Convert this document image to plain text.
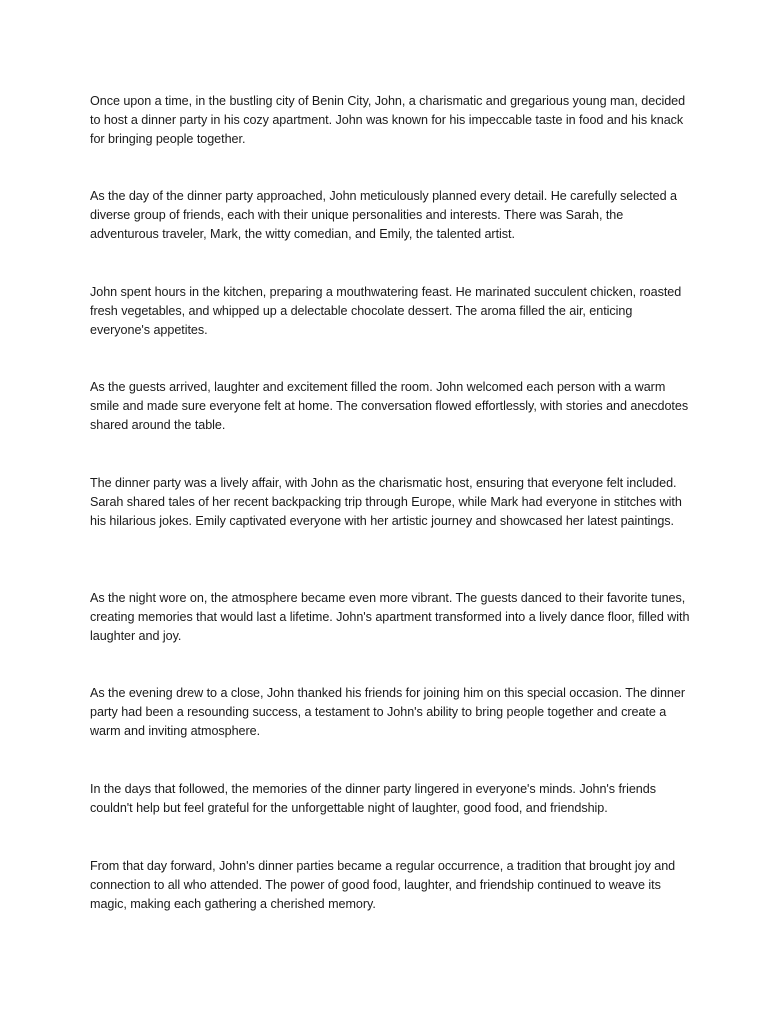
Once upon a time, in the bustling city of Benin City, John, a charismatic and gregarious young man, decided to host a dinner party in his cozy apartment. John was known for his impeccable taste in food and his knack for bringing people together.

As the day of the dinner party approached, John meticulously planned every detail. He carefully selected a diverse group of friends, each with their unique personalities and interests. There was Sarah, the adventurous traveler, Mark, the witty comedian, and Emily, the talented artist.

John spent hours in the kitchen, preparing a mouthwatering feast. He marinated succulent chicken, roasted fresh vegetables, and whipped up a delectable chocolate dessert. The aroma filled the air, enticing everyone's appetites.

As the guests arrived, laughter and excitement filled the room. John welcomed each person with a warm smile and made sure everyone felt at home. The conversation flowed effortlessly, with stories and anecdotes shared around the table.

The dinner party was a lively affair, with John as the charismatic host, ensuring that everyone felt included. Sarah shared tales of her recent backpacking trip through Europe, while Mark had everyone in stitches with his hilarious jokes. Emily captivated everyone with her artistic journey and showcased her latest paintings.

As the night wore on, the atmosphere became even more vibrant. The guests danced to their favorite tunes, creating memories that would last a lifetime. John's apartment transformed into a lively dance floor, filled with laughter and joy.

As the evening drew to a close, John thanked his friends for joining him on this special occasion. The dinner party had been a resounding success, a testament to John's ability to bring people together and create a warm and inviting atmosphere.

In the days that followed, the memories of the dinner party lingered in everyone's minds. John's friends couldn't help but feel grateful for the unforgettable night of laughter, good food, and friendship.

From that day forward, John's dinner parties became a regular occurrence, a tradition that brought joy and connection to all who attended. The power of good food, laughter, and friendship continued to weave its magic, making each gathering a cherished memory.
